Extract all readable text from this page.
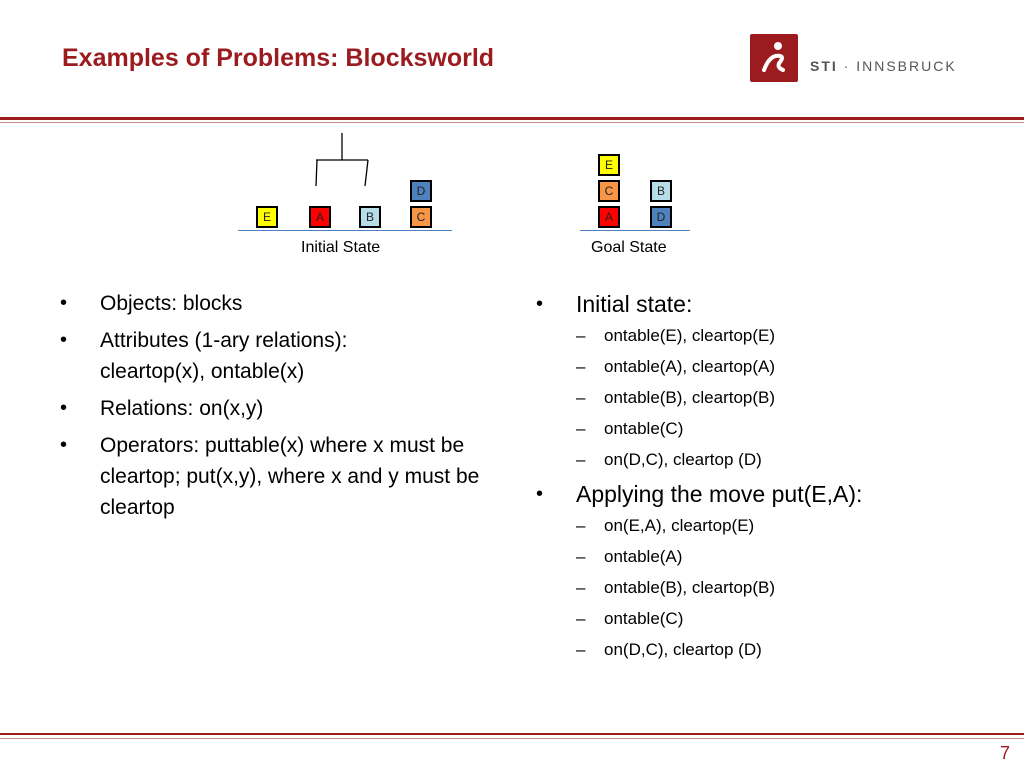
Examples of Problems: Blocksworld	STI · INNSBRUCK
E	A	B
D
C
Initial State
E
C
A
B
D
Goal State
•	Objects: blocks
•	Attributes (1-ary relations): cleartop(x), ontable(x)
•	Relations: on(x,y)
•	Operators: puttable(x) where x must be cleartop; put(x,y), where x and y must be cleartop
•	Initial state:
– ontable(E), cleartop(E)
– ontable(A), cleartop(A)
– ontable(B), cleartop(B)
– ontable(C)
– on(D,C), cleartop (D)
•	Applying the move put(E,A):
– on(E,A), cleartop(E)
– ontable(A)
– ontable(B), cleartop(B)
– ontable(C)
– on(D,C), cleartop (D)
7
